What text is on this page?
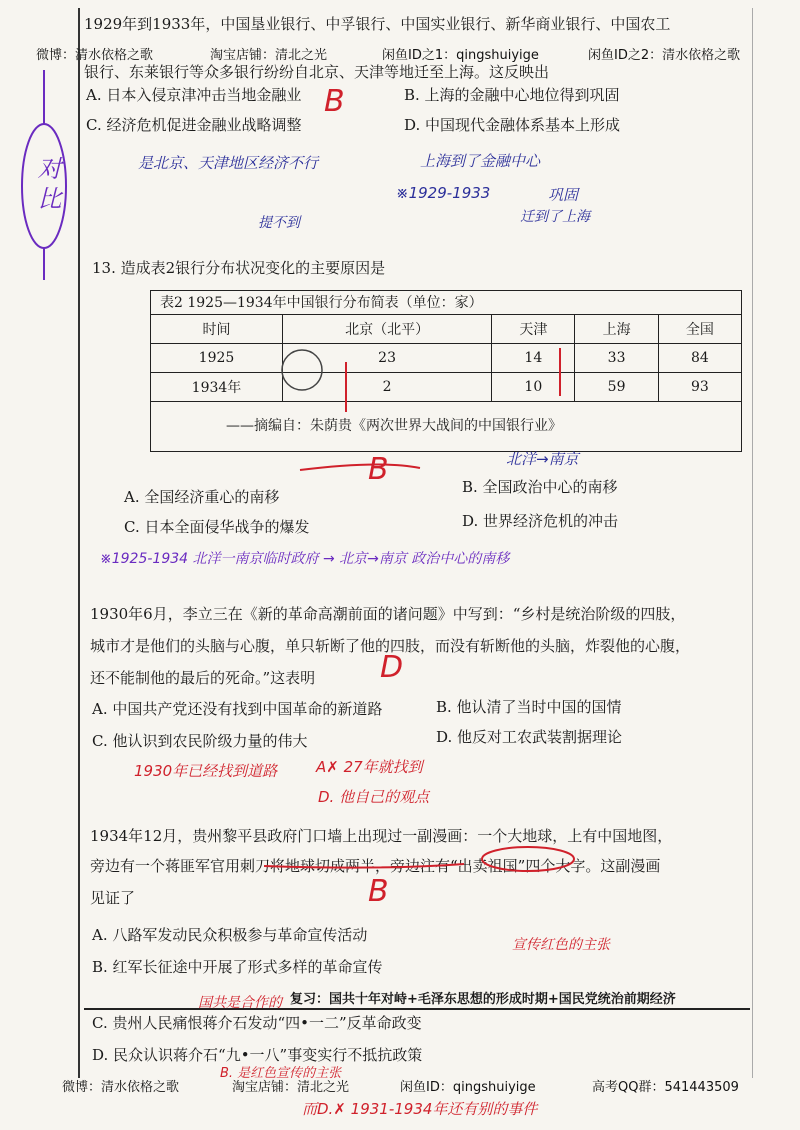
微博：清水依格之歌	淘宝店铺：清北之光	闲鱼ID之1：qingshuiyige	闲鱼ID之2：清水依格之歌
1929年到1933年，中国垦业银行、中孚银行、中国实业银行、新华商业银行、中国农工
银行、东莱银行等众多银行纷纷自北京、天津等地迁至上海。这反映出
A. 日本入侵京津冲击当地金融业	B. 上海的金融中心地位得到巩固
C. 经济危机促进金融业战略调整	D. 中国现代金融体系基本上形成
13. 造成表2银行分布状况变化的主要原因是
表2 1925—1934年中国银行分布简表（单位：家）
时间	北京（北平）	天津	上海	全国
1925	23	14	33	84
1934年	2	10	59	93
——摘编自：朱荫贵《两次世界大战间的中国银行业》
A. 全国经济重心的南移
B. 全国政治中心的南移
C. 日本全面侵华战争的爆发	D. 世界经济危机的冲击
1930年6月，李立三在《新的革命高潮前面的诸问题》中写到：“乡村是统治阶级的四肢，
城市才是他们的头脑与心腹，单只斩断了他的四肢，而没有斩断他的头脑，炸裂他的心腹，
还不能制他的最后的死命。”这表明
A. 中国共产党还没有找到中国革命的新道路	B. 他认清了当时中国的国情
C. 他认识到农民阶级力量的伟大	D. 他反对工农武装割据理论
1934年12月，贵州黎平县政府门口墙上出现过一副漫画：一个大地球，上有中国地图，
旁边有一个蒋匪军官用刺刀将地球切成两半，旁边注有“出卖祖国”四个大字。这副漫画
见证了
A. 八路军发动民众积极参与革命宣传活动
B. 红军长征途中开展了形式多样的革命宣传
C. 贵州人民痛恨蒋介石发动“四•一二”反革命政变
D. 民众认识蒋介石“九•一八”事变实行不抵抗政策
复习：国共十年对峙+毛泽东思想的形成时期+国民党统治前期经济
微博：清水依格之歌	淘宝店铺：清北之光	闲鱼ID：qingshuiyige	高考QQ群：541443509
对比	是北京、天津地区经济不行	上海到了金融中心
※1929-1933	巩固
迁到了上海
提不到
B
北洋→南京
B
※1925-1934 北洋一南京临时政府 → 北京→南京 政治中心的南移
D
1930年已经找到道路	A✗ 27年就找到
D. 他自己的观点
B
宣传红色的主张
国共是合作的
B. 是红色宣传的主张
而D.✗ 1931-1934年还有别的事件
